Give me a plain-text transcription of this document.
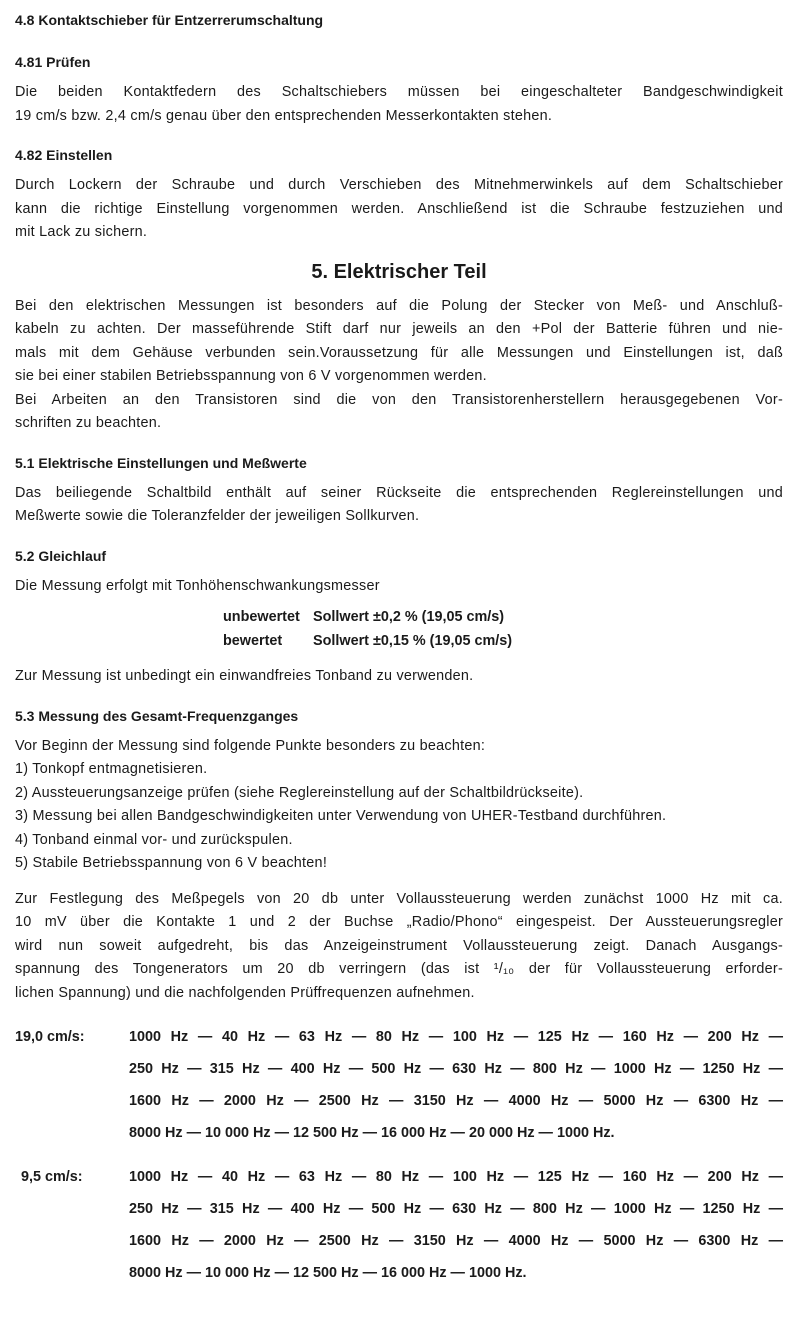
4.8 Kontaktschieber für Entzerrerumschaltung

4.81 Prüfen

Die beiden Kontaktfedern des Schaltschiebers müssen bei eingeschalteter Bandgeschwindigkeit
19 cm/s bzw. 2,4 cm/s genau über den entsprechenden Messerkontakten stehen.

4.82 Einstellen

Durch Lockern der Schraube und durch Verschieben des Mitnehmerwinkels auf dem Schaltschieber
kann die richtige Einstellung vorgenommen werden. Anschließend ist die Schraube festzuziehen und
mit Lack zu sichern.

5. Elektrischer Teil

Bei den elektrischen Messungen ist besonders auf die Polung der Stecker von Meß- und Anschluß-
kabeln zu achten. Der masseführende Stift darf nur jeweils an den +Pol der Batterie führen und nie-
mals mit dem Gehäuse verbunden sein.Voraussetzung für alle Messungen und Einstellungen ist, daß
sie bei einer stabilen Betriebsspannung von 6 V vorgenommen werden.
Bei Arbeiten an den Transistoren sind die von den Transistorenherstellern herausgegebenen Vor-
schriften zu beachten.

5.1 Elektrische Einstellungen und Meßwerte

Das beiliegende Schaltbild enthält auf seiner Rückseite die entsprechenden Reglereinstellungen und
Meßwerte sowie die Toleranzfelder der jeweiligen Sollkurven.

5.2 Gleichlauf

Die Messung erfolgt mit Tonhöhenschwankungsmesser

unbewertet Sollwert ±0,2 % (19,05 cm/s)
bewertet	Sollwert ±0,15 % (19,05 cm/s)

Zur Messung ist unbedingt ein einwandfreies Tonband zu verwenden.

5.3 Messung des Gesamt-Frequenzganges

Vor Beginn der Messung sind folgende Punkte besonders zu beachten:
1) Tonkopf entmagnetisieren.
2) Aussteuerungsanzeige prüfen (siehe Reglereinstellung auf der Schaltbildrückseite).
3) Messung bei allen Bandgeschwindigkeiten unter Verwendung von UHER-Testband durchführen.
4) Tonband einmal vor- und zurückspulen.
5) Stabile Betriebsspannung von 6 V beachten!

Zur Festlegung des Meßpegels von 20 db unter Vollaussteuerung werden zunächst 1000 Hz mit ca.
10 mV über die Kontakte 1 und 2 der Buchse „Radio/Phono“ eingespeist. Der Aussteuerungsregler
wird nun soweit aufgedreht, bis das Anzeigeinstrument Vollaussteuerung zeigt. Danach Ausgangs-
spannung des Tongenerators um 20 db verringern (das ist ¹/₁₀ der für Vollaussteuerung erforder-
lichen Spannung) und die nachfolgenden Prüffrequenzen aufnehmen.

19,0 cm/s:	1000 Hz — 40 Hz — 63 Hz — 80 Hz — 100 Hz — 125 Hz — 160 Hz — 200 Hz —
250 Hz — 315 Hz — 400 Hz — 500 Hz — 630 Hz — 800 Hz — 1000 Hz — 1250 Hz —
1600 Hz — 2000 Hz — 2500 Hz — 3150 Hz — 4000 Hz — 5000 Hz — 6300 Hz —
8000 Hz — 10 000 Hz — 12 500 Hz — 16 000 Hz — 20 000 Hz — 1000 Hz.
9,5 cm/s:	1000 Hz — 40 Hz — 63 Hz — 80 Hz — 100 Hz — 125 Hz — 160 Hz — 200 Hz —
250 Hz — 315 Hz — 400 Hz — 500 Hz — 630 Hz — 800 Hz — 1000 Hz — 1250 Hz —
1600 Hz — 2000 Hz — 2500 Hz — 3150 Hz — 4000 Hz — 5000 Hz — 6300 Hz —
8000 Hz — 10 000 Hz — 12 500 Hz — 16 000 Hz — 1000 Hz.
